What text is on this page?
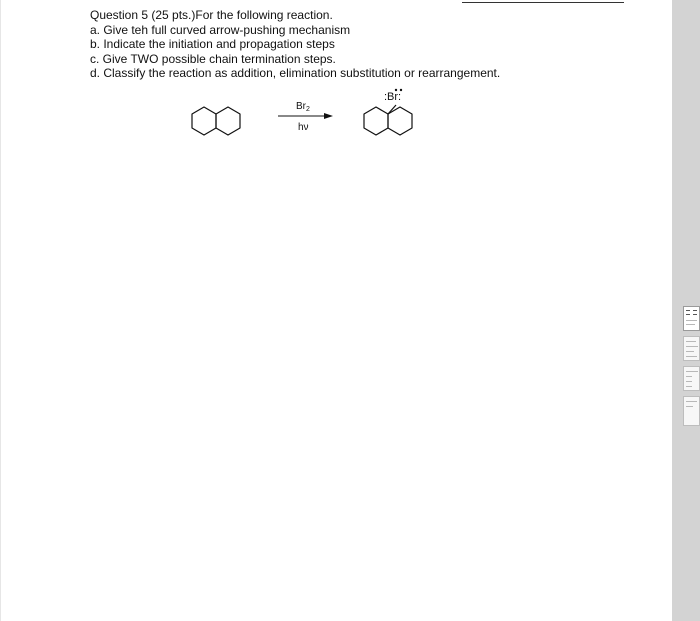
Question 5 (25 pts.)For the following reaction.
a. Give teh full curved arrow-pushing mechanism
b. Indicate the initiation and propagation steps
c. Give TWO possible chain termination steps.
d. Classify the reaction as addition, elimination substitution or rearrangement.
$Br_2$
hν
:Br:
